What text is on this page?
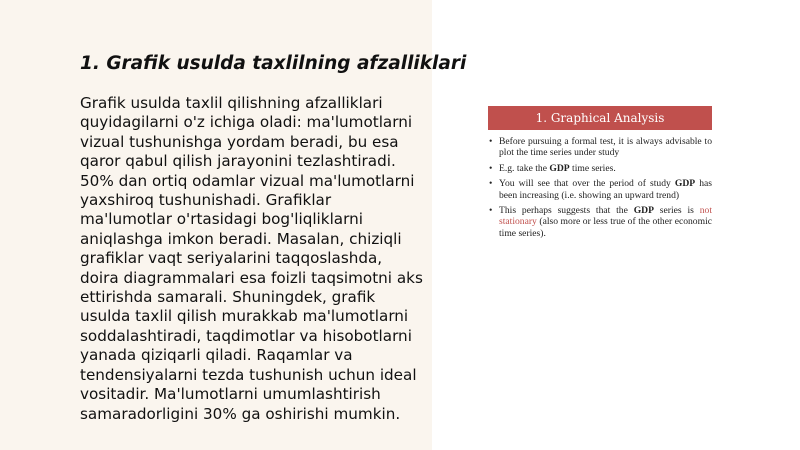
1. Grafik usulda taxlilning afzalliklari
Grafik usulda taxlil qilishning afzalliklari quyidagilarni o'z ichiga oladi: ma'lumotlarni vizual tushunishga yordam beradi, bu esa qaror qabul qilish jarayonini tezlashtiradi. 50% dan ortiq odamlar vizual ma'lumotlarni yaxshiroq tushunishadi. Grafiklar ma'lumotlar o'rtasidagi bog'liqliklarni aniqlashga imkon beradi. Masalan, chiziqli grafiklar vaqt seriyalarini taqqoslashda, doira diagrammalari esa foizli taqsimotni aks ettirishda samarali. Shuningdek, grafik usulda taxlil qilish murakkab ma'lumotlarni soddalashtiradi, taqdimotlar va hisobotlarni yanada qiziqarli qiladi. Raqamlar va tendensiyalarni tezda tushunish uchun ideal vositadir. Ma'lumotlarni umumlashtirish samaradorligini 30% ga oshirishi mumkin.
1. Graphical Analysis
• Before pursuing a formal test, it is always advisable to plot the time series under study
• E.g. take the GDP time series.
• You will see that over the period of study GDP has been increasing (i.e. showing an upward trend)
• This perhaps suggests that the GDP series is not stationary (also more or less true of the other economic time series).
